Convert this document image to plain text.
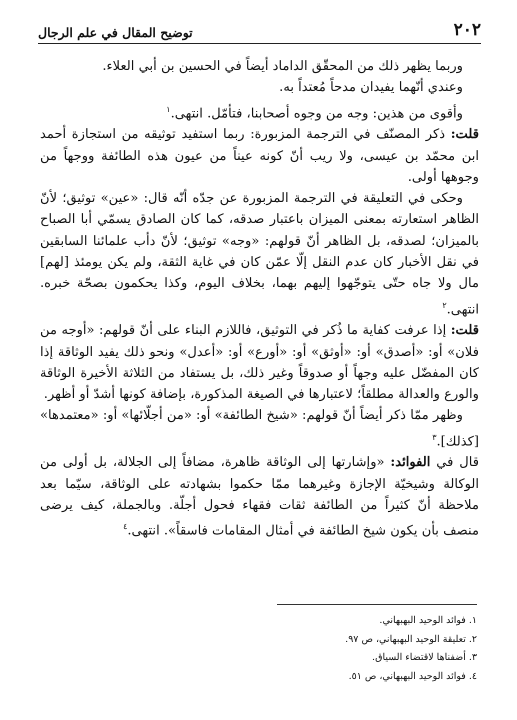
٢٠٢
توضيح المقال في علم الرجال

وربما يظهر ذلك من المحقّق الداماد أيضاً في الحسين بن أبي العلاء.

وعندي أنّهما يفيدان مدحاً مُعتداً به.

وأقوى من هذين: وجه من وجوه أصحابنا، فتأمّل. انتهى.$^١$

قلت: ذكر المصنّف في الترجمة المزبورة: ربما استفيد توثيقه من استجازة أحمد ابن محمّد بن عيسى، ولا ريب أنّ كونه عيناً من عيون هذه الطائفة ووجهاً من وجوهها أولى.

وحكى في التعليقة في الترجمة المزبورة عن جدّه أنّه قال: «عين» توثيق؛ لأنّ الظاهر استعارته بمعنى الميزان باعتبار صدقه، كما كان الصادق يسمّي أبا الصباح بالميزان؛ لصدقه، بل الظاهر أنّ قولهم: «وجه» توثيق؛ لأنّ دأب علمائنا السابقين في نقل الأخبار كان عدم النقل إلّا عمّن كان في غاية الثقة، ولم يكن يومئذ [لهم] مال ولا جاه حتّى يتوجّهوا إليهم بهما، بخلاف اليوم، وكذا يحكمون بصحّة خبره. انتهى.$^٢$

قلت: إذا عرفت كفاية ما ذُكر في التوثيق، فاللازم البناء على أنّ قولهم: «أوجه من فلان» أو: «أصدق» أو: «أوثق» أو: «أورع» أو: «أعدل» ونحو ذلك يفيد الوثاقة إذا كان المفضّل عليه وجهاً أو صدوقاً وغير ذلك، بل يستفاد من الثلاثة الأخيرة الوثاقة والورع والعدالة مطلقاً؛ لاعتبارها في الصيغة المذكورة، بإضافة كونها أشدّ أو أظهر.

وظهر ممّا ذكر أيضاً أنّ قولهم: «شيخ الطائفة» أو: «من أجلّائها» أو: «معتمدها» [كذلك].$^٣$

قال في الفوائد: «وإشارتها إلى الوثاقة ظاهرة، مضافاً إلى الجلالة، بل أولى من الوكالة وشيخيّة الإجازة وغيرهما ممّا حكموا بشهادته على الوثاقة، سيّما بعد ملاحظة أنّ كثيراً من الطائفة ثقات فقهاء فحول أجلّة. وبالجملة، كيف يرضى منصف بأن يكون شيخ الطائفة في أمثال المقامات فاسقاً». انتهى.$^٤$

١. فوائد الوحيد البهبهاني.
٢. تعليقة الوحيد البهبهاني، ص ٩٧.
٣. أضفناها لاقتضاء السياق.
٤. فوائد الوحيد البهبهاني، ص ٥١.
